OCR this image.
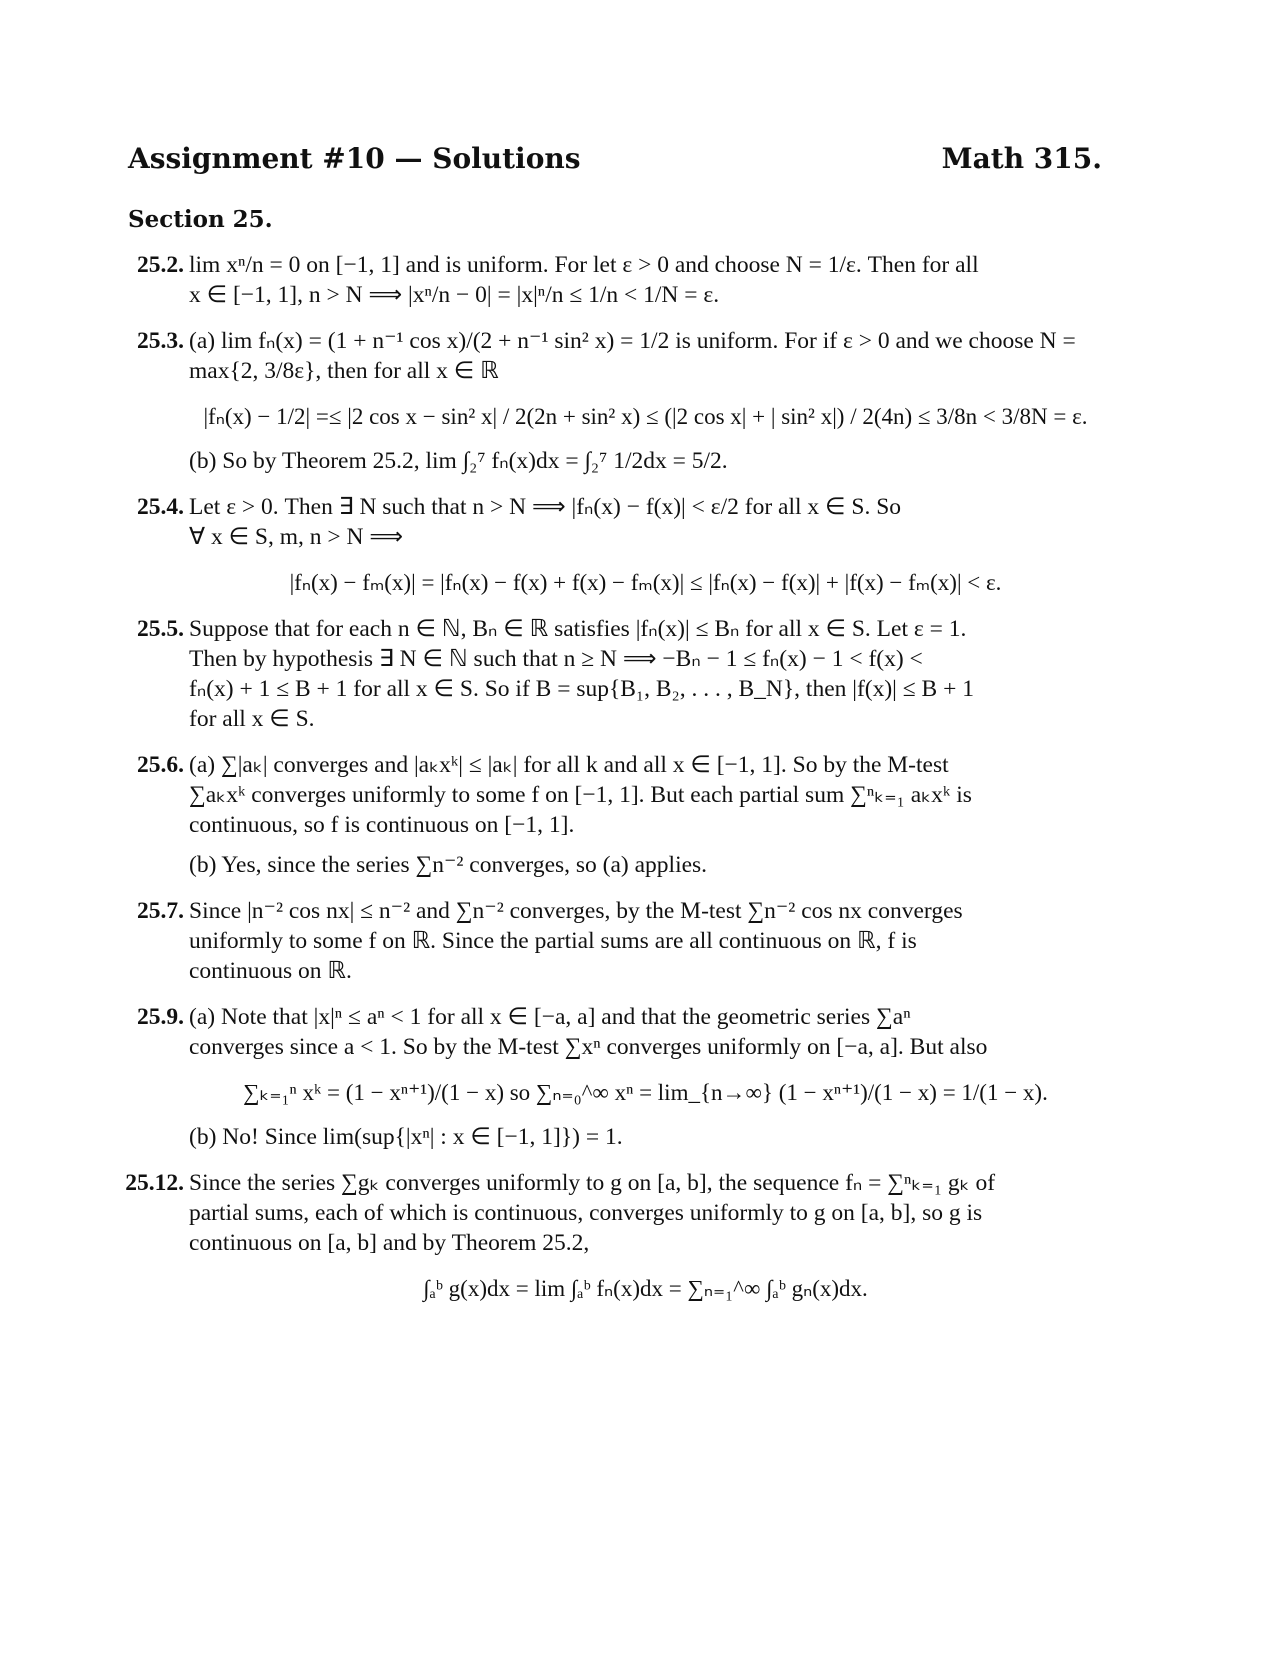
Assignment #10 — Solutions	Math 315.
Section 25.
25.2. lim xⁿ/n = 0 on [−1, 1] and is uniform. For let ε > 0 and choose N = 1/ε. Then for all
x ∈ [−1, 1], n > N ⟹ |xⁿ/n − 0| = |x|ⁿ/n ≤ 1/n < 1/N = ε.
25.3. (a) lim fₙ(x) = (1 + n⁻¹ cos x)/(2 + n⁻¹ sin² x) = 1/2 is uniform. For if ε > 0 and we choose N =
max{2, 3/8ε}, then for all x ∈ ℝ
|fₙ(x) − 1/2| =≤ |2 cos x − sin² x| / 2(2n + sin² x) ≤ (|2 cos x| + | sin² x|) / 2(4n) ≤ 3/8n < 3/8N = ε.
(b) So by Theorem 25.2, lim ∫₂⁷ fₙ(x)dx = ∫₂⁷ 1/2dx = 5/2.
25.4. Let ε > 0. Then ∃ N such that n > N ⟹ |fₙ(x) − f(x)| < ε/2 for all x ∈ S. So
∀ x ∈ S, m, n > N ⟹
|fₙ(x) − fₘ(x)| = |fₙ(x) − f(x) + f(x) − fₘ(x)| ≤ |fₙ(x) − f(x)| + |f(x) − fₘ(x)| < ε.
25.5. Suppose that for each n ∈ ℕ, Bₙ ∈ ℝ satisfies |fₙ(x)| ≤ Bₙ for all x ∈ S. Let ε = 1.
Then by hypothesis ∃ N ∈ ℕ such that n ≥ N ⟹ −Bₙ − 1 ≤ fₙ(x) − 1 < f(x) <
fₙ(x) + 1 ≤ B + 1 for all x ∈ S. So if B = sup{B₁, B₂, . . . , B_N}, then |f(x)| ≤ B + 1
for all x ∈ S.
25.6. (a) ∑|aₖ| converges and |aₖxᵏ| ≤ |aₖ| for all k and all x ∈ [−1, 1]. So by the M-test
∑aₖxᵏ converges uniformly to some f on [−1, 1]. But each partial sum ∑ⁿₖ₌₁ aₖxᵏ is
continuous, so f is continuous on [−1, 1].
(b) Yes, since the series ∑n⁻² converges, so (a) applies.
25.7. Since |n⁻² cos nx| ≤ n⁻² and ∑n⁻² converges, by the M-test ∑n⁻² cos nx converges
uniformly to some f on ℝ. Since the partial sums are all continuous on ℝ, f is
continuous on ℝ.
25.9. (a) Note that |x|ⁿ ≤ aⁿ < 1 for all x ∈ [−a, a] and that the geometric series ∑aⁿ
converges since a < 1. So by the M-test ∑xⁿ converges uniformly on [−a, a]. But also
∑ₖ₌₁ⁿ xᵏ = (1 − xⁿ⁺¹)/(1 − x) so ∑ₙ₌₀^∞ xⁿ = lim_{n→∞} (1 − xⁿ⁺¹)/(1 − x) = 1/(1 − x).
(b) No! Since lim(sup{|xⁿ| : x ∈ [−1, 1]}) = 1.
25.12. Since the series ∑gₖ converges uniformly to g on [a, b], the sequence fₙ = ∑ⁿₖ₌₁ gₖ of
partial sums, each of which is continuous, converges uniformly to g on [a, b], so g is
continuous on [a, b] and by Theorem 25.2,
∫ₐᵇ g(x)dx = lim ∫ₐᵇ fₙ(x)dx = ∑ₙ₌₁^∞ ∫ₐᵇ gₙ(x)dx.
